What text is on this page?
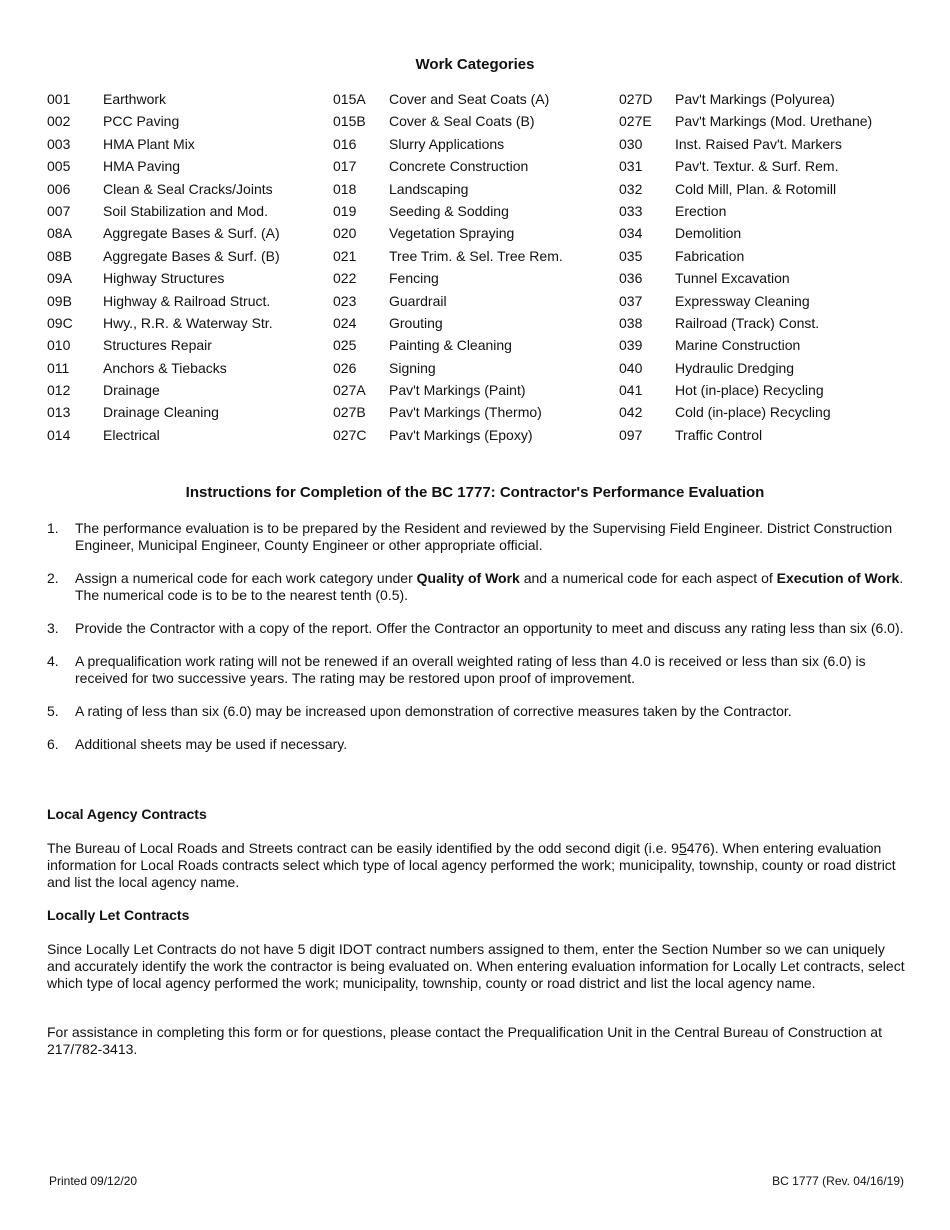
Work Categories
001 Earthwork
002 PCC Paving
003 HMA Plant Mix
005 HMA Paving
006 Clean & Seal Cracks/Joints
007 Soil Stabilization and Mod.
08A Aggregate Bases & Surf. (A)
08B Aggregate Bases & Surf. (B)
09A Highway Structures
09B Highway & Railroad Struct.
09C Hwy., R.R. & Waterway Str.
010 Structures Repair
011 Anchors & Tiebacks
012 Drainage
013 Drainage Cleaning
014 Electrical
015A Cover and Seat Coats (A)
015B Cover & Seal Coats (B)
016 Slurry Applications
017 Concrete Construction
018 Landscaping
019 Seeding & Sodding
020 Vegetation Spraying
021 Tree Trim. & Sel. Tree Rem.
022 Fencing
023 Guardrail
024 Grouting
025 Painting & Cleaning
026 Signing
027A Pav't Markings (Paint)
027B Pav't Markings (Thermo)
027C Pav't Markings (Epoxy)
027D Pav't Markings (Polyurea)
027E Pav't Markings (Mod. Urethane)
030 Inst. Raised Pav't. Markers
031 Pav't. Textur. & Surf. Rem.
032 Cold Mill, Plan. & Rotomill
033 Erection
034 Demolition
035 Fabrication
036 Tunnel Excavation
037 Expressway Cleaning
038 Railroad (Track) Const.
039 Marine Construction
040 Hydraulic Dredging
041 Hot (in-place) Recycling
042 Cold (in-place) Recycling
097 Traffic Control
Instructions for Completion of the BC 1777: Contractor's Performance Evaluation
1. The performance evaluation is to be prepared by the Resident and reviewed by the Supervising Field Engineer. District Construction Engineer, Municipal Engineer, County Engineer or other appropriate official.
2. Assign a numerical code for each work category under Quality of Work and a numerical code for each aspect of Execution of Work. The numerical code is to be to the nearest tenth (0.5).
3. Provide the Contractor with a copy of the report. Offer the Contractor an opportunity to meet and discuss any rating less than six (6.0).
4. A prequalification work rating will not be renewed if an overall weighted rating of less than 4.0 is received or less than six (6.0) is received for two successive years. The rating may be restored upon proof of improvement.
5. A rating of less than six (6.0) may be increased upon demonstration of corrective measures taken by the Contractor.
6. Additional sheets may be used if necessary.
Local Agency Contracts
The Bureau of Local Roads and Streets contract can be easily identified by the odd second digit (i.e. 95476). When entering evaluation information for Local Roads contracts select which type of local agency performed the work; municipality, township, county or road district and list the local agency name.
Locally Let Contracts
Since Locally Let Contracts do not have 5 digit IDOT contract numbers assigned to them, enter the Section Number so we can uniquely and accurately identify the work the contractor is being evaluated on. When entering evaluation information for Locally Let contracts, select which type of local agency performed the work; municipality, township, county or road district and list the local agency name.
For assistance in completing this form or for questions, please contact the Prequalification Unit in the Central Bureau of Construction at 217/782-3413.
Printed 09/12/20	BC 1777 (Rev. 04/16/19)
